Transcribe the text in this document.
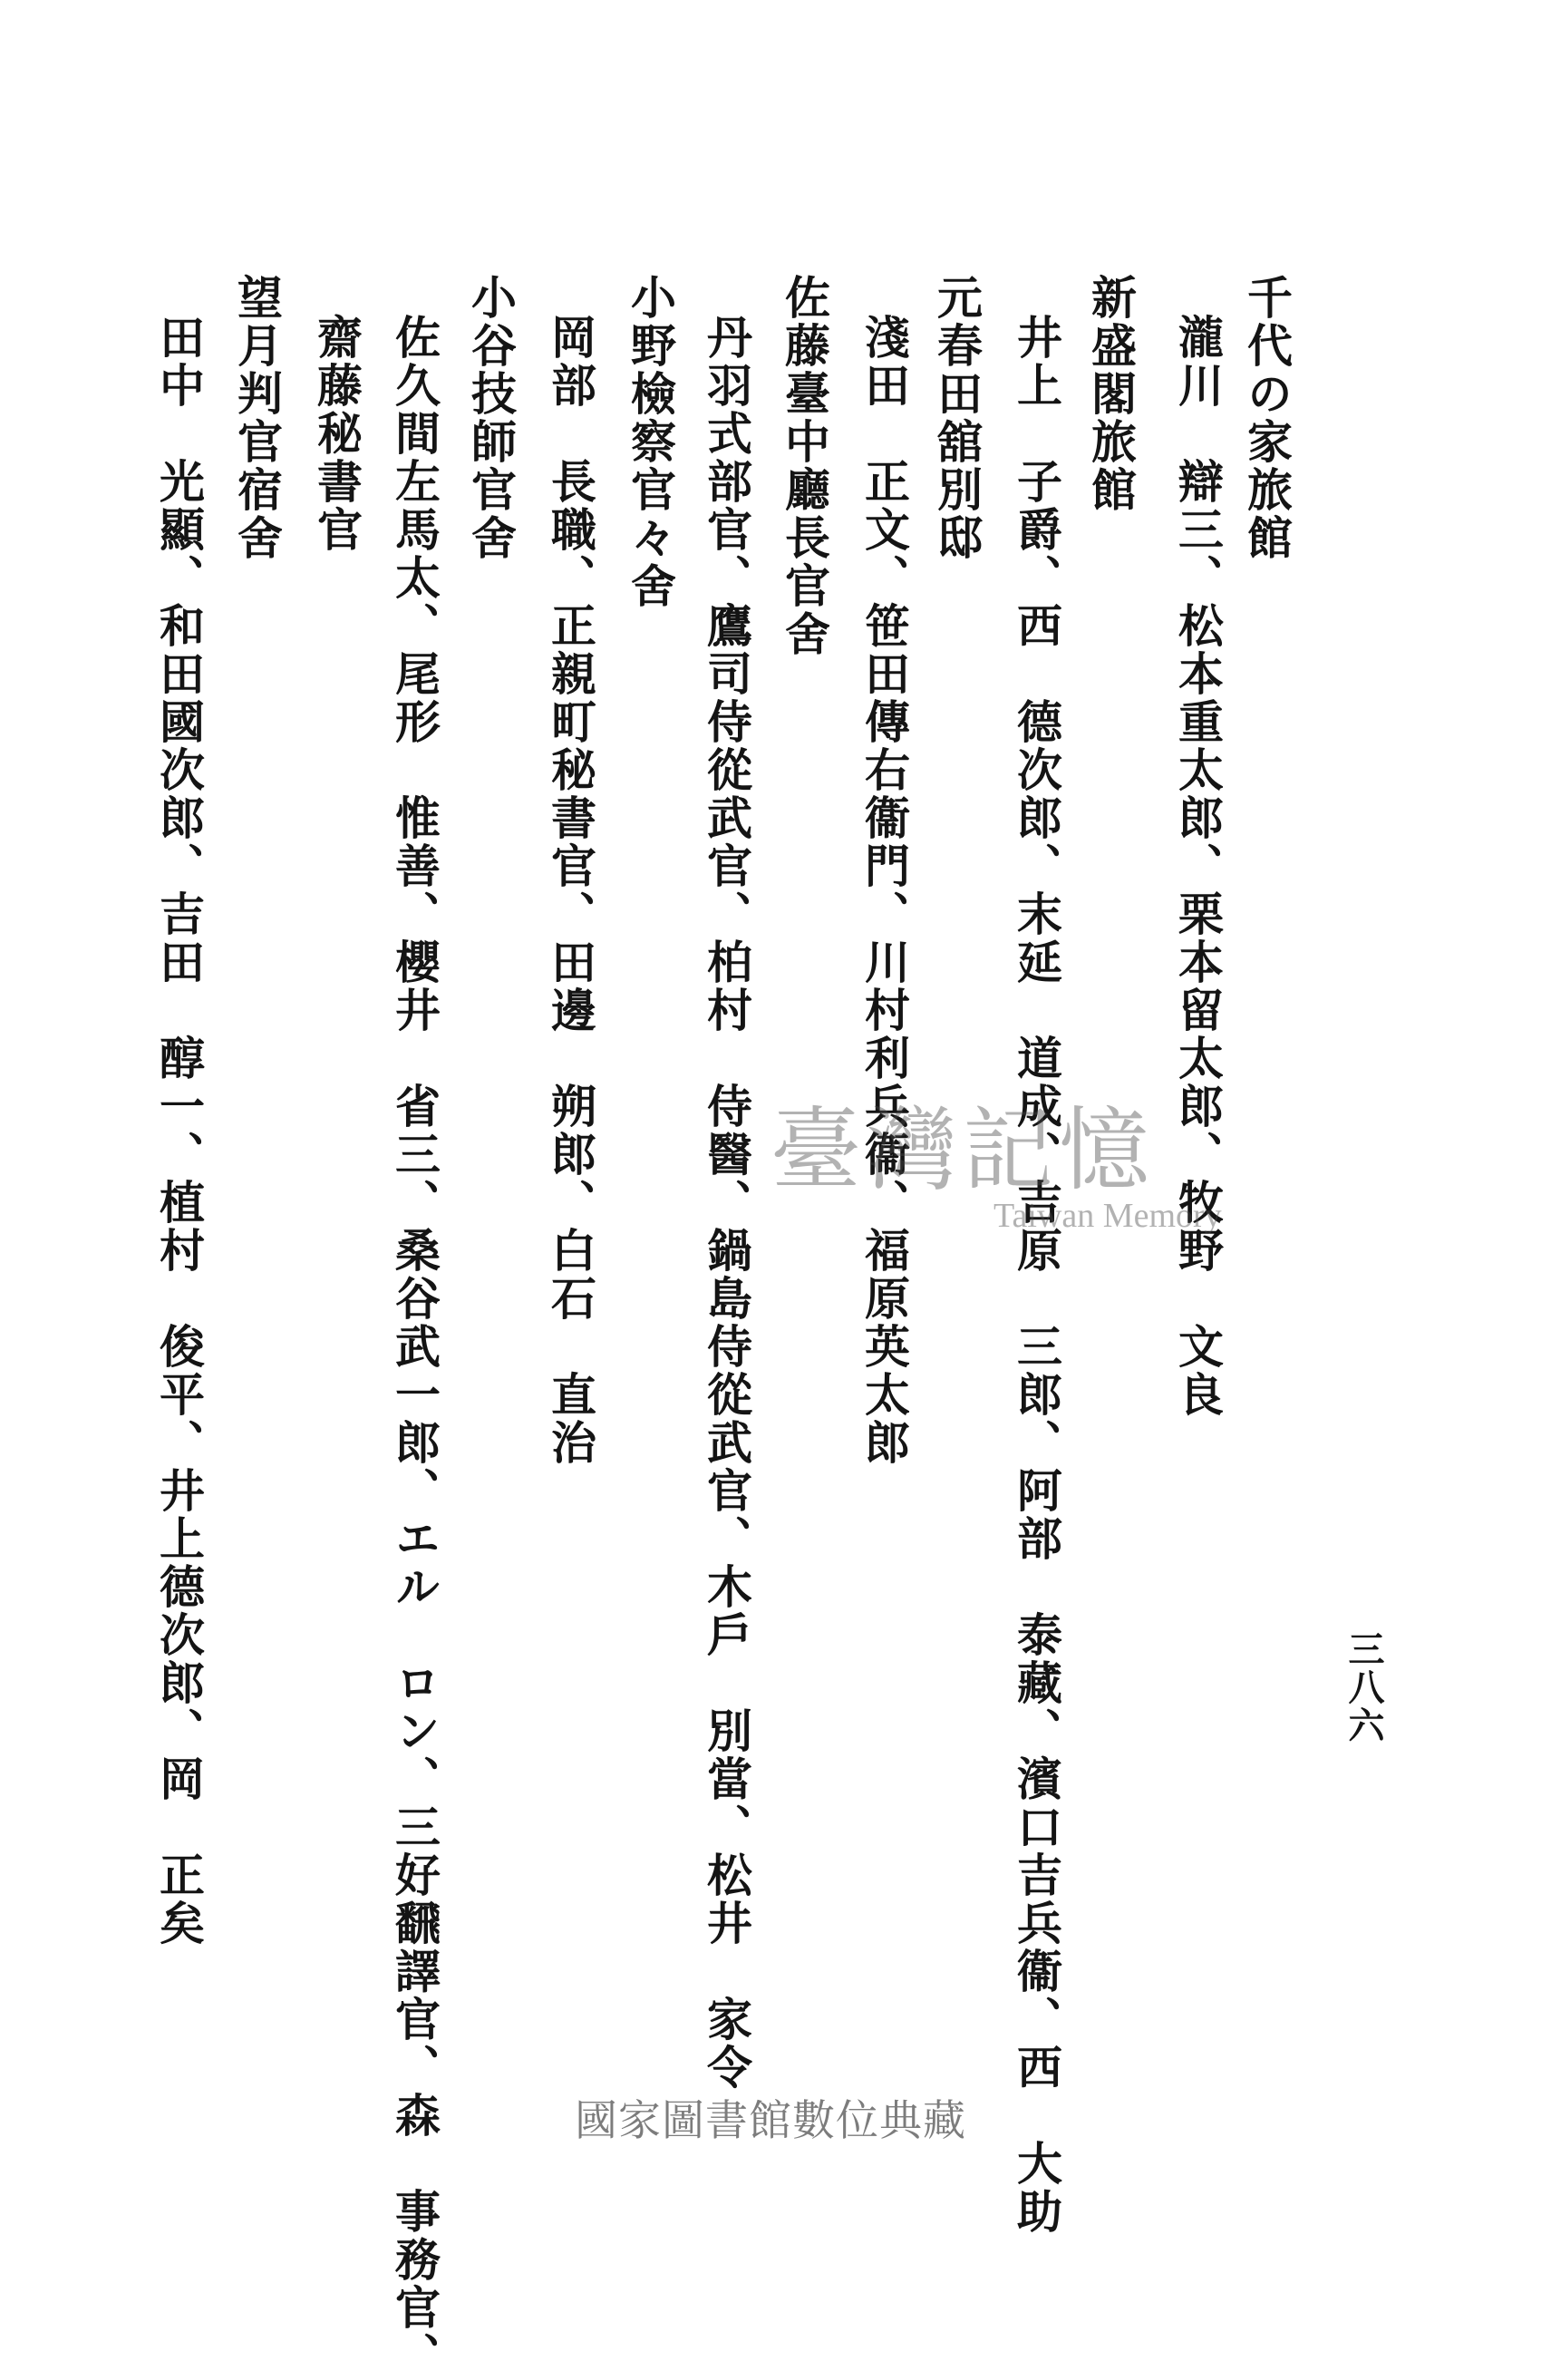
三八六
千代の家旅館
瀧川　辯三、松本重太郎、栗本留太郎、牧野　文良
新盛閣旅館
井上　子爵、西　德次郎、末延　道成、吉原　三郎、阿部　泰藏、濱口吉兵衞、西　大助
元春田舘別邸
淺田　正文、笹田傳右衞門、川村利兵衞、福原英太郎
佐藤臺中廳長官舍
丹羽式部官、鷹司侍從武官、柏村　侍醫、鍋島侍從武官、木戶　別當、松井　家令
小野檢察官々舍
岡部　長職、正親町秘書官、田邊　朔郎、白石　直治
小谷技師官舍
佐久間左馬太、尾形　惟善、櫻井　省三、桑谷武一郎、エル　ロン、三好飜譯官、森　事務官、
齋藤秘書官
望月判官宿舍
田中　光顯、和田國次郎、吉田　醇一、植村　俊平、井上德次郎、岡　正矣	臺灣記憶
Taiwan Memory
國家圖書館數位典藏
